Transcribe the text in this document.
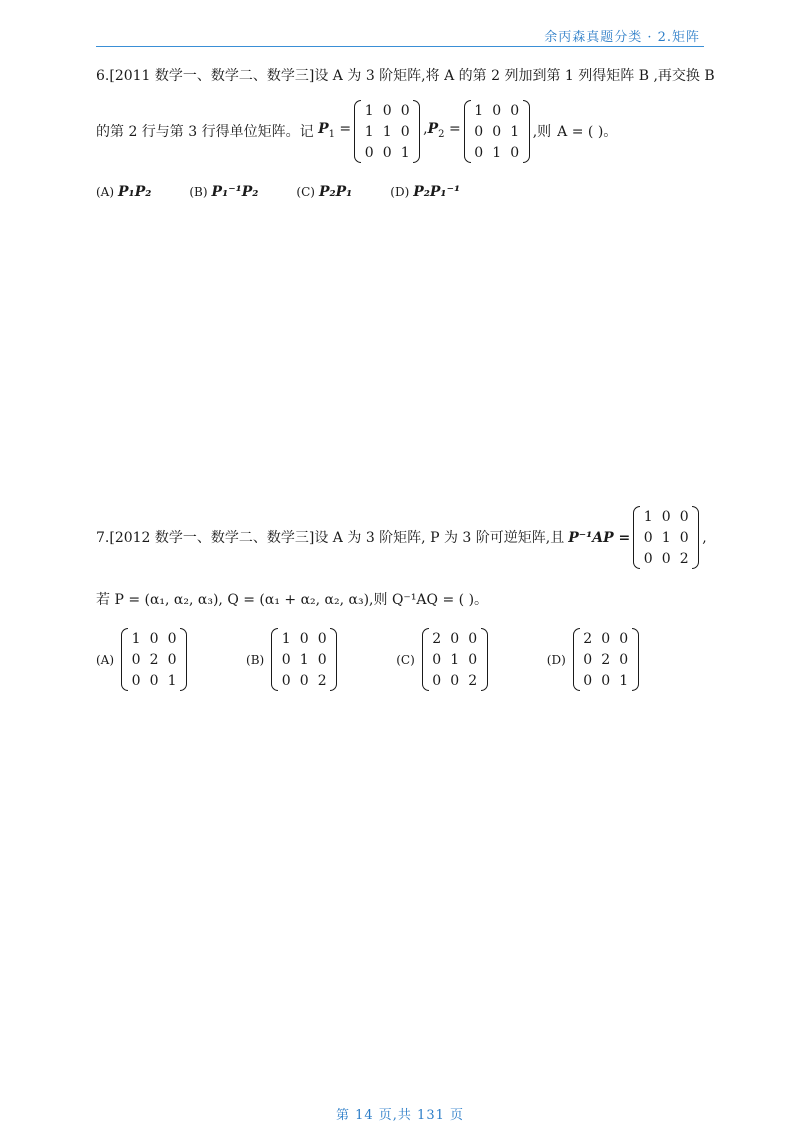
余丙森真题分类 · 2.矩阵
6.[2011 数学一、数学二、数学三]设 A 为 3 阶矩阵,将 A 的第 2 列加到第 1 列得矩阵 B ,再交换 B
的第 2 行与第 3 行得单位矩阵。记 $P_1$ =
1 0 0
1 1 0
0 0 1
$,P_2$ =
1 0 0
0 0 1
0 1 0
,则 A = ( )。
(A) P₁P₂	(B) P₁⁻¹P₂	(C) P₂P₁	(D) P₂P₁⁻¹
7.[2012 数学一、数学二、数学三]设 A 为 3 阶矩阵, P 为 3 阶可逆矩阵,且 P⁻¹AP =
1 0 0
0 1 0
0 0 2
,
若 P = (α₁, α₂, α₃), Q = (α₁ + α₂, α₂, α₃),则 Q⁻¹AQ = ( )。
(A)
1 0 0
0 2 0
0 0 1
(B)
1 0 0
0 1 0
0 0 2
(C)
2 0 0
0 1 0
0 0 2
(D)
2 0 0
0 2 0
0 0 1
第 14 页,共 131 页
